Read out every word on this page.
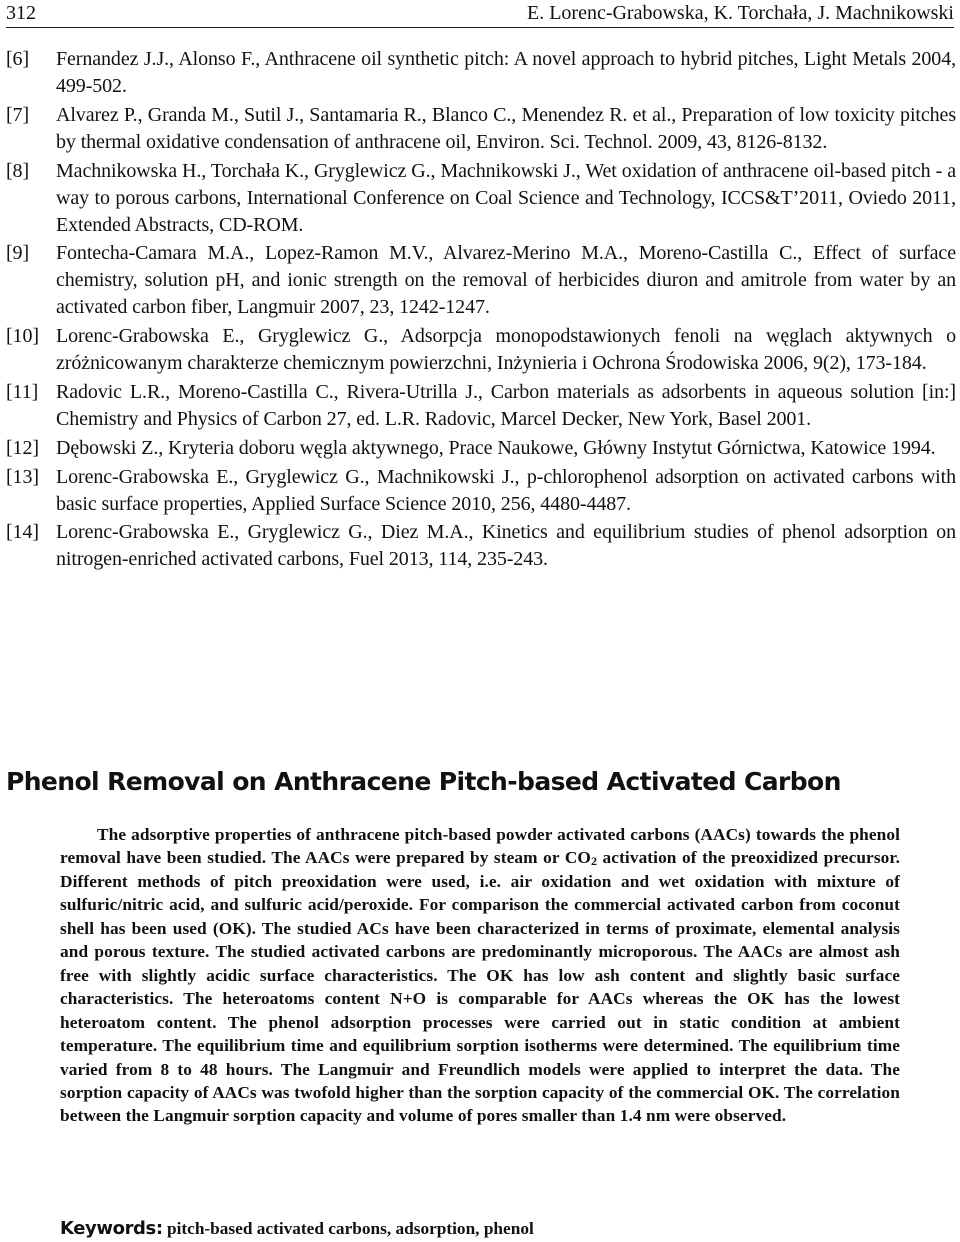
312	E. Lorenc-Grabowska, K. Torchała, J. Machnikowski
[6]	Fernandez J.J., Alonso F., Anthracene oil synthetic pitch: A novel approach to hybrid pitches, Light Metals 2004, 499-502.
[7]	Alvarez P., Granda M., Sutil J., Santamaria R., Blanco C., Menendez R. et al., Preparation of low toxicity pitches by thermal oxidative condensation of anthracene oil, Environ. Sci. Technol. 2009, 43, 8126-8132.
[8]	Machnikowska H., Torchała K., Gryglewicz G., Machnikowski J., Wet oxidation of anthracene oil-based pitch - a way to porous carbons, International Conference on Coal Science and Technology, ICCS&T’2011, Oviedo 2011, Extended Abstracts, CD-ROM.
[9]	Fontecha-Camara M.A., Lopez-Ramon M.V., Alvarez-Merino M.A., Moreno-Castilla C., Effect of surface chemistry, solution pH, and ionic strength on the removal of herbicides diuron and amitrole from water by an activated carbon fiber, Langmuir 2007, 23, 1242-1247.
[10] Lorenc-Grabowska E., Gryglewicz G., Adsorpcja monopodstawionych fenoli na węglach aktywnych o zróżnicowanym charakterze chemicznym powierzchni, Inżynieria i Ochrona Środowiska 2006, 9(2), 173-184.
[11] Radovic L.R., Moreno-Castilla C., Rivera-Utrilla J., Carbon materials as adsorbents in aqueous solution [in:] Chemistry and Physics of Carbon 27, ed. L.R. Radovic, Marcel Decker, New York, Basel 2001.
[12] Dębowski Z., Kryteria doboru węgla aktywnego, Prace Naukowe, Główny Instytut Górnictwa, Katowice 1994.
[13] Lorenc-Grabowska E., Gryglewicz G., Machnikowski J., p-chlorophenol adsorption on activated carbons with basic surface properties, Applied Surface Science 2010, 256, 4480-4487.
[14] Lorenc-Grabowska E., Gryglewicz G., Diez M.A., Kinetics and equilibrium studies of phenol adsorption on nitrogen-enriched activated carbons, Fuel 2013, 114, 235-243.
Phenol Removal on Anthracene Pitch-based Activated Carbon

The adsorptive properties of anthracene pitch-based powder activated carbons (AACs) towards the phenol removal have been studied. The AACs were prepared by steam or $CO_2$ activation of the preoxidized precursor. Different methods of pitch preoxidation were used, i.e. air oxidation and wet oxidation with mixture of sulfuric/nitric acid, and sulfuric acid/peroxide. For comparison the commercial activated carbon from coconut shell has been used (OK). The studied ACs have been characterized in terms of proximate, elemental analysis and porous texture. The studied activated carbons are predominantly microporous. The AACs are almost ash free with slightly acidic surface characteristics. The OK has low ash content and slightly basic surface characteristics. The heteroatoms content N+O is comparable for AACs whereas the OK has the lowest heteroatom content. The phenol adsorption processes were carried out in static condition at ambient temperature. The equilibrium time and equilibrium sorption isotherms were determined. The equilibrium time varied from 8 to 48 hours. The Langmuir and Freundlich models were applied to interpret the data. The sorption capacity of AACs was twofold higher than the sorption capacity of the commercial OK. The correlation between the Langmuir sorption capacity and volume of pores smaller than 1.4 nm were observed.

Keywords: pitch-based activated carbons, adsorption, phenol
